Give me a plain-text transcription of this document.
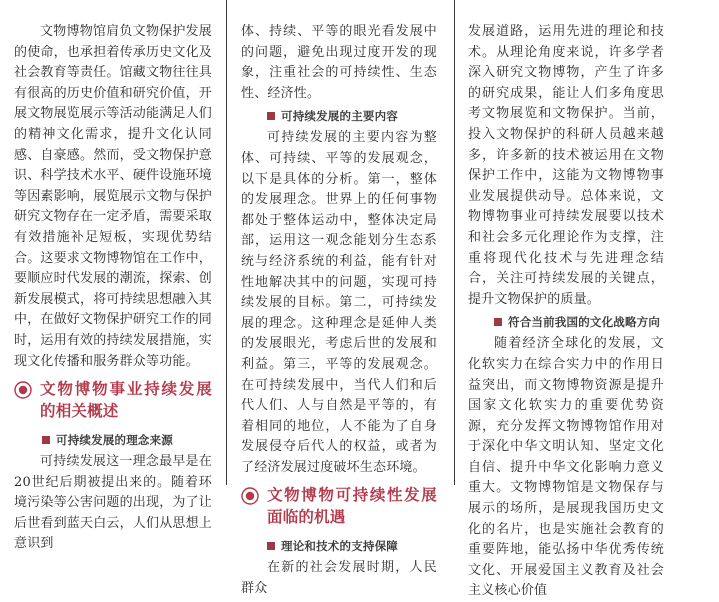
文物博物馆肩负文物保护发展的使命，也承担着传承历史文化及社会教育等责任。馆藏文物往往具有很高的历史价值和研究价值，开展文物展览展示等活动能满足人们的精神文化需求，提升文化认同感、自豪感。然而，受文物保护意识、科学技术水平、硬件设施环境等因素影响，展览展示文物与保护研究文物存在一定矛盾，需要采取有效措施补足短板，实现优势结合。这要求文物博物馆在工作中，要顺应时代发展的潮流，探索、创新发展模式，将可持续思想融入其中，在做好文物保护研究工作的同时，运用有效的持续发展措施，实现文化传播和服务群众等功能。

文物博物事业持续发展的相关概述
可持续发展的理念来源

可持续发展这一理念最早是在20世纪后期被提出来的。随着环境污染等公害问题的出现，为了让后世看到蓝天白云，人们从思想上意识到

体、持续、平等的眼光看发展中的问题，避免出现过度开发的现象，注重社会的可持续性、生态性、经济性。

可持续发展的主要内容

可持续发展的主要内容为整体、可持续、平等的发展观念，以下是具体的分析。第一，整体的发展理念。世界上的任何事物都处于整体运动中，整体决定局部，运用这一观念能划分生态系统与经济系统的利益，能有针对性地解决其中的问题，实现可持续发展的目标。第二，可持续发展的理念。这种理念是延伸人类的发展眼光，考虑后世的发展和利益。第三，平等的发展观念。在可持续发展中，当代人们和后代人们、人与自然是平等的，有着相同的地位，人不能为了自身发展侵夺后代人的权益，或者为了经济发展过度破坏生态环境。

文物博物可持续性发展面临的机遇
理论和技术的支持保障

在新的社会发展时期，人民群众

发展道路，运用先进的理论和技术。从理论角度来说，许多学者深入研究文物博物，产生了许多的研究成果，能让人们多角度思考文物展览和文物保护。当前，投入文物保护的科研人员越来越多，许多新的技术被运用在文物保护工作中，这能为文物博物事业发展提供动导。总体来说，文物博物事业可持续发展要以技术和社会多元化理论作为支撑，注重将现代化技术与先进理念结合，关注可持续发展的关键点，提升文物保护的质量。

符合当前我国的文化战略方向

随着经济全球化的发展，文化软实力在综合实力中的作用日益突出，而文物博物资源是提升国家文化软实力的重要优势资源，充分发挥文物博物馆作用对于深化中华文明认知、坚定文化自信、提升中华文化影响力意义重大。文物博物馆是文物保存与展示的场所，是展现我国历史文化的名片，也是实施社会教育的重要阵地，能弘扬中华优秀传统文化、开展爱国主义教育及社会主义核心价值
